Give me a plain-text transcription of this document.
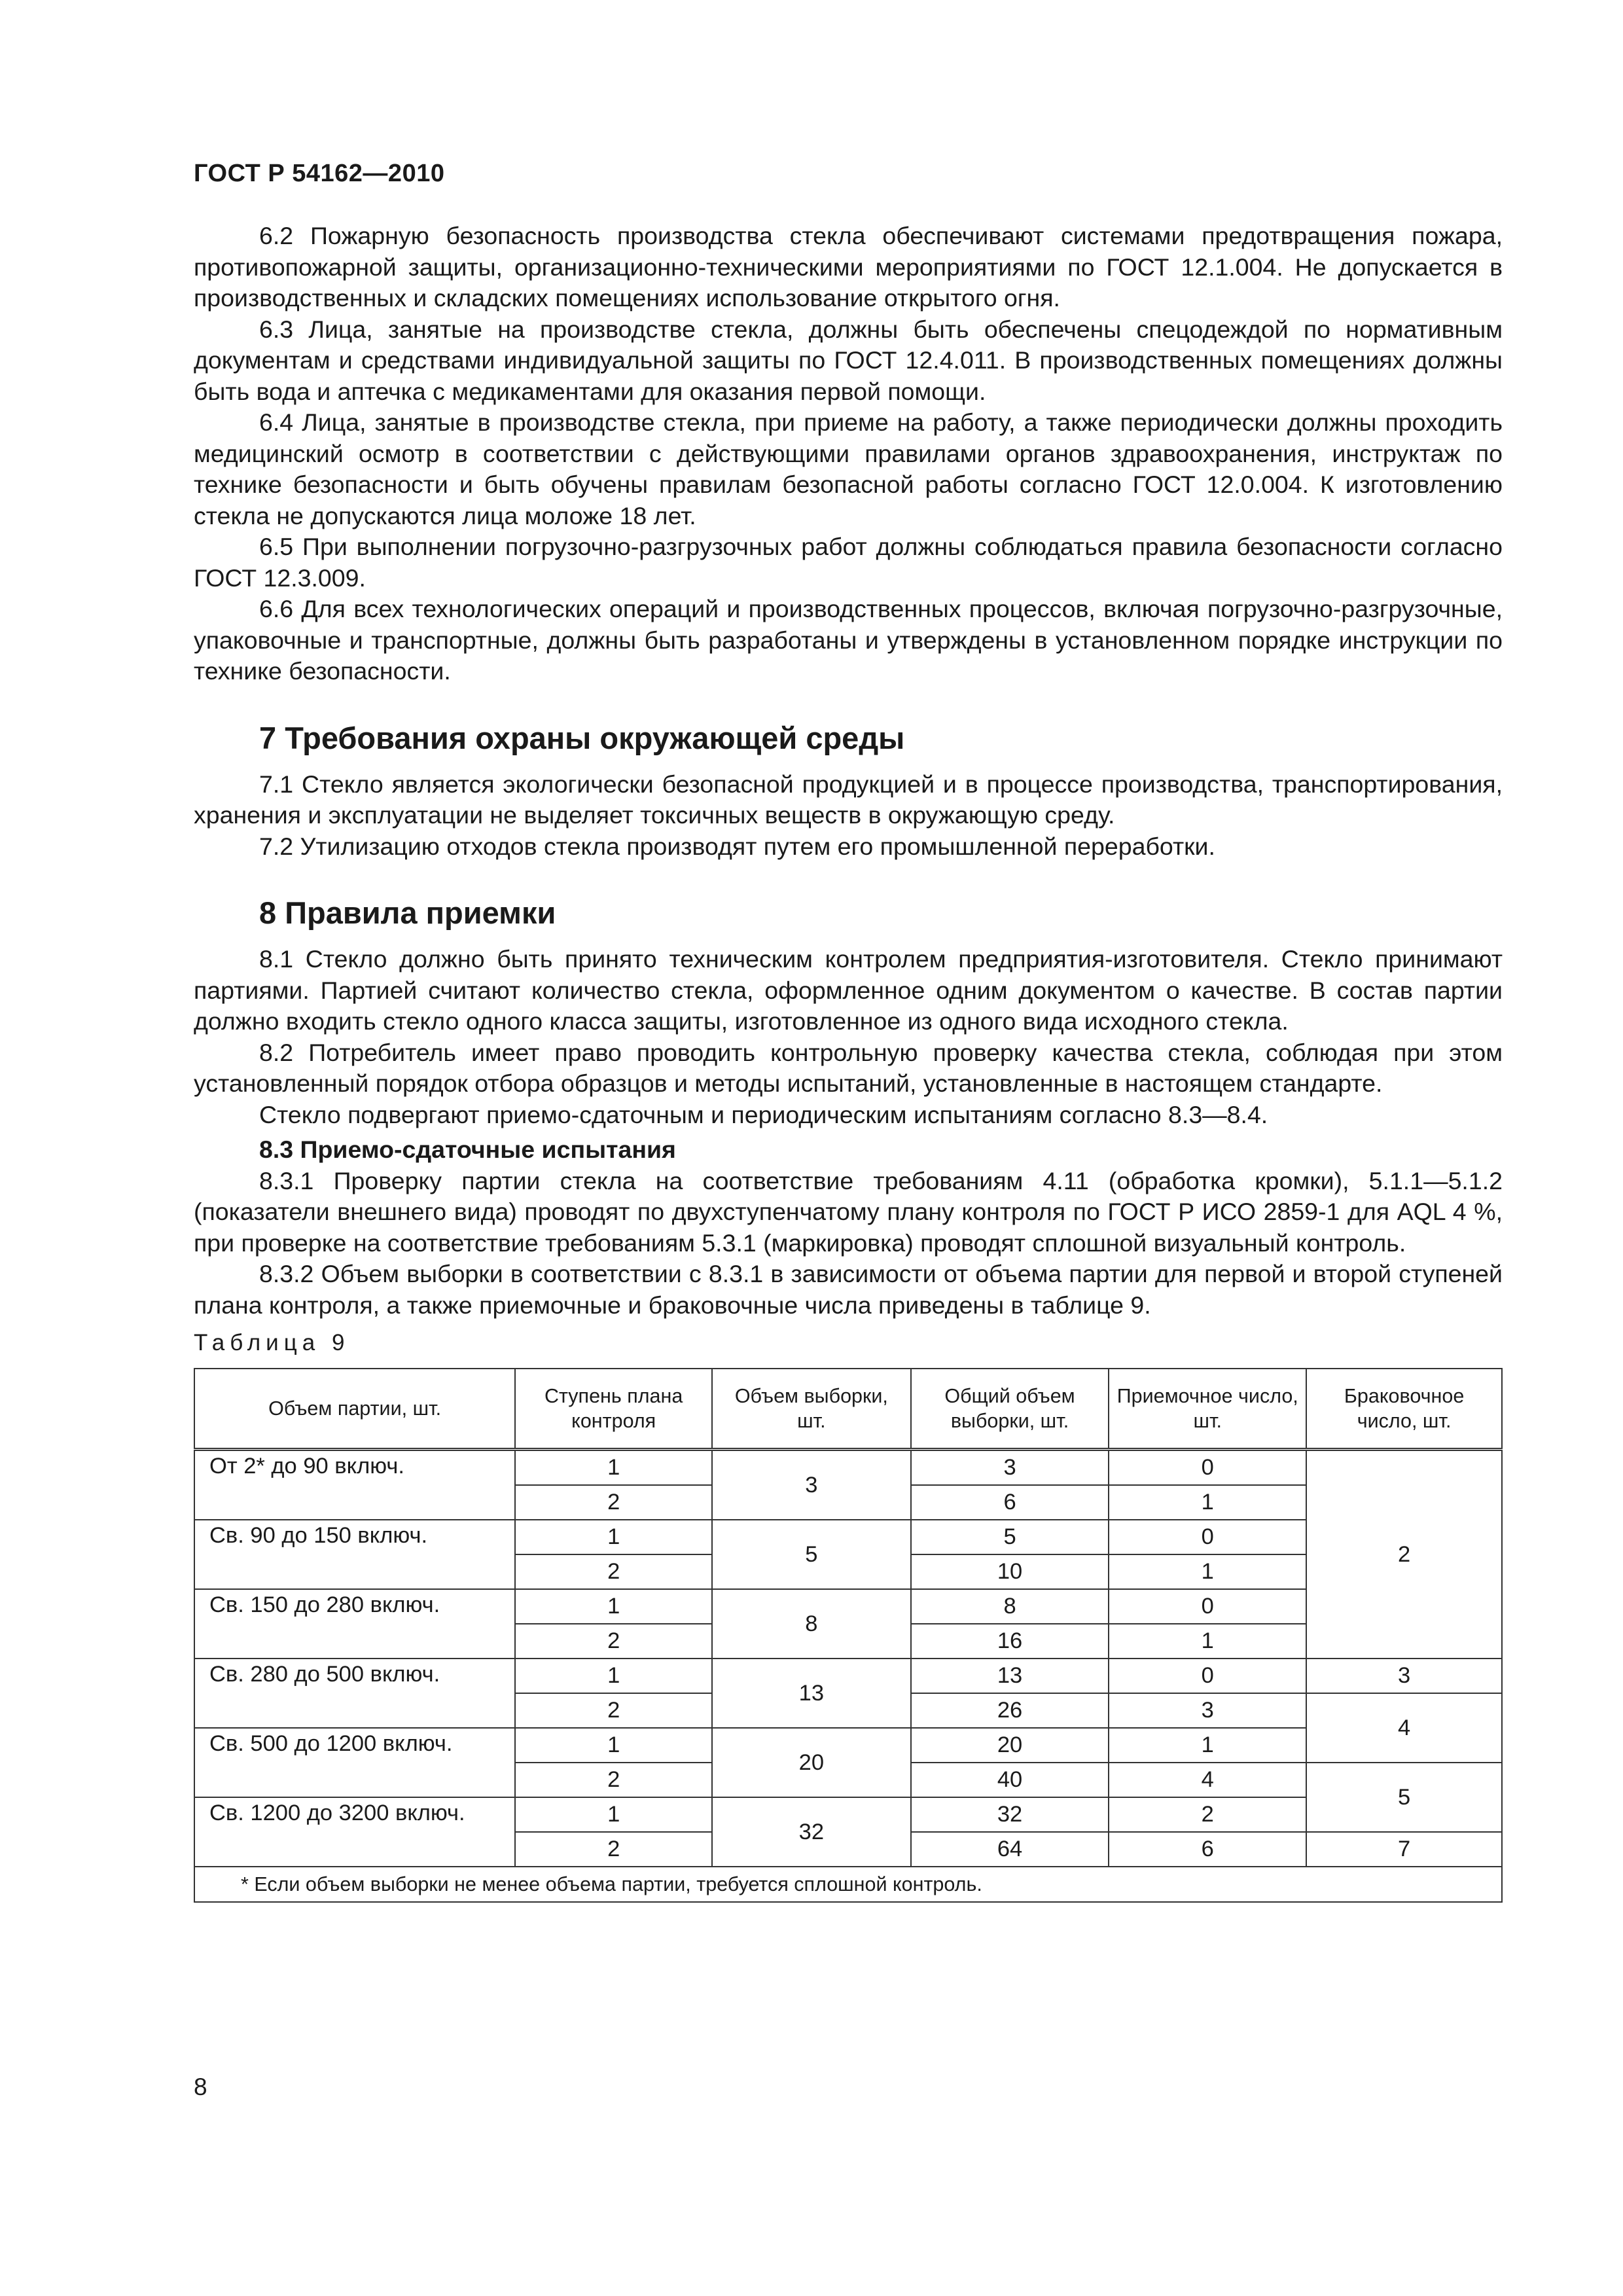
ГОСТ Р 54162—2010

6.2 Пожарную безопасность производства стекла обеспечивают системами предотвращения пожара, противопожарной защиты, организационно-техническими мероприятиями по ГОСТ 12.1.004. Не допускается в производственных и складских помещениях использование открытого огня.

6.3 Лица, занятые на производстве стекла, должны быть обеспечены спецодеждой по нормативным документам и средствами индивидуальной защиты по ГОСТ 12.4.011. В производственных помещениях должны быть вода и аптечка с медикаментами для оказания первой помощи.

6.4 Лица, занятые в производстве стекла, при приеме на работу, а также периодически должны проходить медицинский осмотр в соответствии с действующими правилами органов здравоохранения, инструктаж по технике безопасности и быть обучены правилам безопасной работы согласно ГОСТ 12.0.004. К изготовлению стекла не допускаются лица моложе 18 лет.

6.5 При выполнении погрузочно-разгрузочных работ должны соблюдаться правила безопасности согласно ГОСТ 12.3.009.

6.6 Для всех технологических операций и производственных процессов, включая погрузочно-разгрузочные, упаковочные и транспортные, должны быть разработаны и утверждены в установленном порядке инструкции по технике безопасности.

7 Требования охраны окружающей среды

7.1 Стекло является экологически безопасной продукцией и в процессе производства, транспортирования, хранения и эксплуатации не выделяет токсичных веществ в окружающую среду.

7.2 Утилизацию отходов стекла производят путем его промышленной переработки.

8 Правила приемки

8.1 Стекло должно быть принято техническим контролем предприятия-изготовителя. Стекло принимают партиями. Партией считают количество стекла, оформленное одним документом о качестве. В состав партии должно входить стекло одного класса защиты, изготовленное из одного вида исходного стекла.

8.2 Потребитель имеет право проводить контрольную проверку качества стекла, соблюдая при этом установленный порядок отбора образцов и методы испытаний, установленные в настоящем стандарте.

Стекло подвергают приемо-сдаточным и периодическим испытаниям согласно 8.3—8.4.

8.3 Приемо-сдаточные испытания

8.3.1 Проверку партии стекла на соответствие требованиям 4.11 (обработка кромки), 5.1.1—5.1.2 (показатели внешнего вида) проводят по двухступенчатому плану контроля по ГОСТ Р ИСО 2859-1 для AQL 4 %, при проверке на соответствие требованиям 5.3.1 (маркировка) проводят сплошной визуальный контроль.

8.3.2 Объем выборки в соответствии с 8.3.1 в зависимости от объема партии для первой и второй ступеней плана контроля, а также приемочные и браковочные числа приведены в таблице 9.

Таблица 9
Объем партии, шт.	Ступень плана контроля	Объем выборки, шт.	Общий объем выборки, шт.	Приемочное число, шт.	Браковочное число, шт.
От 2* до 90 включ.	1	3	3	0	2
	2		6	1	
Св. 90 до 150 включ.	1	5	5	0	
	2		10	1	
Св. 150 до 280 включ.	1	8	8	0	
	2		16	1	
Св. 280 до 500 включ.	1	13	13	0	3
	2		26	3	4
Св. 500 до 1200 включ.	1	20	20	1	
	2		40	4	5
Св. 1200 до 3200 включ.	1	32	32	2	
	2		64	6	7
* Если объем выборки не менее объема партии, требуется сплошной контроль.					
8
